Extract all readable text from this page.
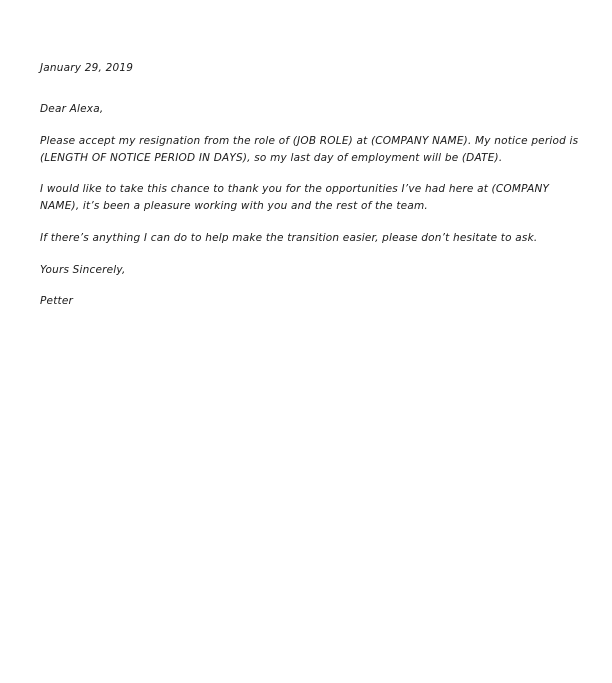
January 29, 2019

Dear Alexa,

Please accept my resignation from the role of (JOB ROLE) at (COMPANY NAME). My notice period is (LENGTH OF NOTICE PERIOD IN DAYS), so my last day of employment will be (DATE).

I would like to take this chance to thank you for the opportunities I’ve had here at (COMPANY NAME), it’s been a pleasure working with you and the rest of the team.

If there’s anything I can do to help make the transition easier, please don’t hesitate to ask.

Yours Sincerely,

Petter
